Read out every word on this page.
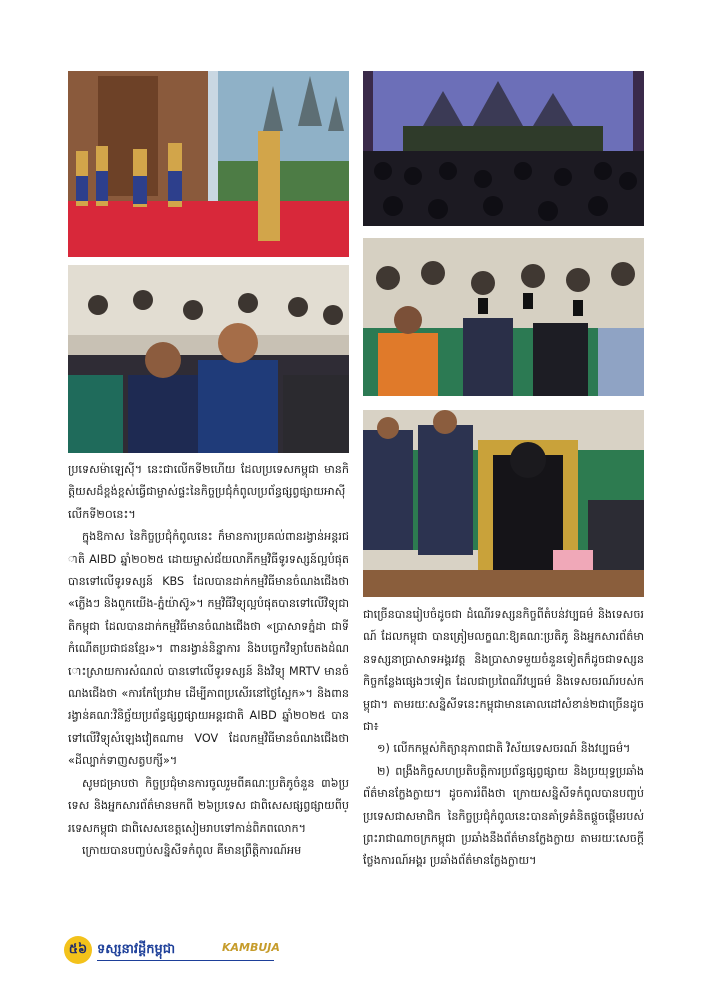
ប្រទេសម៉ាឡេស៊ី។ នេះជាលើកទី២ហើយ ដែលប្រទេសកម្ពុជា មានកិត្តិយសដ៏ខ្ពង់ខ្ពស់ធ្វើជាម្ចាស់ផ្ទះនៃកិច្ចប្រជុំកំពូលប្រព័ន្ធផ្សព្វផ្សាយអាស៊ីលើកទី២០នេះ។

ក្នុងឱកាស នៃកិច្ចប្រជុំកំពូលនេះ ក៏មានការប្រគល់ពានរង្វាន់អន្តរជាតិ AIBD ឆ្នាំ២០២៥ ដោយម្ចាស់ជ័យលាភីកម្មវិធីទូរទស្សន៍ល្អបំផុត បានទៅលើទូរទស្សន៍ KBS ដែលបានដាក់កម្មវិធីមានចំណងជើងថា «ភ្លើងៗ និងពួកយើង-ភ្នំយ៉ាស៊ូ»។ កម្មវិធីវិទ្យុល្អបំផុតបានទៅលើវិទ្យុជាតិកម្ពុជា ដែលបានដាក់កម្មវិធីមានចំណងជើងថា «ប្រាសាទភ្នំដា ជាទីកំណើតប្រជាជនខ្មែរ»។ ពានរង្វាន់និន្នាការ និងបច្ចេកវិទ្យាបែតងដំណោះស្រាយការសំណល់ បានទៅលើទូរទស្សន៍ និងវិទ្យុ MRTV មានចំណងជើងថា «ការកែប្រែវាម ដើម្បីភាពប្រសើរនៅថ្ងៃស្អែក»។ និងពានរង្វាន់គណៈវិនិច្ឆ័យប្រព័ន្ធផ្សព្វផ្សាយអន្តរជាតិ AIBD ឆ្នាំ២០២៥ បានទៅលើវិទ្យុសំឡេងវៀតណាម VOV ដែលកម្មវិធីមានចំណងជើងថា «ដីល្បាក់ទាញសត្វបក្សី»។

សូមជម្រាបថា កិច្ចប្រជុំមានការចូលរួមពីគណៈប្រតិភូចំនួន ៣៦ប្រទេស និងអ្នកសារព័ត៌មានមកពី ២៦ប្រទេស ជាពិសេសផ្សព្វផ្សាយពីប្រទេសកម្ពុជា ជាពិសេសខេត្តសៀមរាបទៅកាន់ពិភពលោក។

ក្រោយបានបញ្ចប់សន្និសីទកំពូល គឺមានព្រឹត្តិការណ៍អម

ជាច្រើនបានរៀបចំដូចជា ដំណើរទស្សនកិច្ចពីតំបន់វប្បធម៌ និងទេសចរណ៍ ដែលកម្ពុជា បានត្រៀមលក្ខណៈឱ្យគណៈប្រតិភូ និងអ្នកសារព័ត៌មានទស្សនាប្រាសាទអង្គរវត្ត និងប្រាសាទមួយចំនួនទៀតក៏ដូចជាទស្សនកិច្ចកន្លែងផ្សេងៗទៀត ដែលជាប្រពៃណីវប្បធម៌ និងទេសចរណ៍របស់កម្ពុជា។ តាមរយៈសន្និសីទនេះកម្ពុជាមានគោលដៅសំខាន់២ជាច្រើនដូចជា៖

១) លើកកម្ពស់កិត្យានុភាពជាតិ វិស័យទេសចរណ៍ និងវប្បធម៌។

២) ពង្រឹងកិច្ចសហប្រតិបត្តិការប្រព័ន្ធផ្សព្វផ្សាយ និងប្រយុទ្ធប្រឆាំងព័ត៌មានក្លែងក្លាយ។ ដូចការរំពឹងថា ក្រោយសន្និសីទកំពូលបានបញ្ចប់ ប្រទេសជាសមាជិក នៃកិច្ចប្រជុំកំពូលនេះបានគាំទ្រគំនិតផ្តួចផ្តើមរបស់ព្រះរាជាណាចក្រកម្ពុជា ប្រឆាំងនឹងព័ត៌មានក្លែងក្លាយ តាមរយៈសេចក្តីថ្លែងការណ៍អង្គរ ប្រឆាំងព័ត៌មានក្លែងក្លាយ។

៥៦ ទស្សនាវដ្តីកម្ពុជា	KAMBUJA
